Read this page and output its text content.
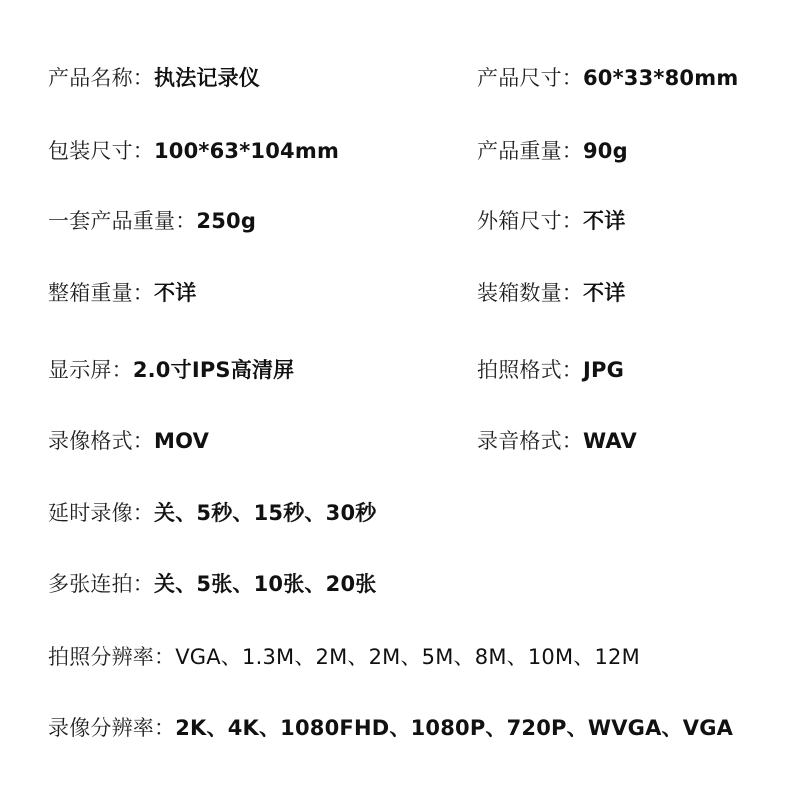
产品名称：执法记录仪	产品尺寸：60*33*80mm
包装尺寸：100*63*104mm	产品重量：90g
一套产品重量：250g	外箱尺寸：不详
整箱重量：不详	装箱数量：不详
显示屏：2.0寸IPS高清屏	拍照格式：JPG
录像格式：MOV	录音格式：WAV
延时录像：关、5秒、15秒、30秒
多张连拍：关、5张、10张、20张
拍照分辨率：VGA、1.3M、2M、2M、5M、8M、10M、12M
录像分辨率：2K、4K、1080FHD、1080P、720P、WVGA、VGA
